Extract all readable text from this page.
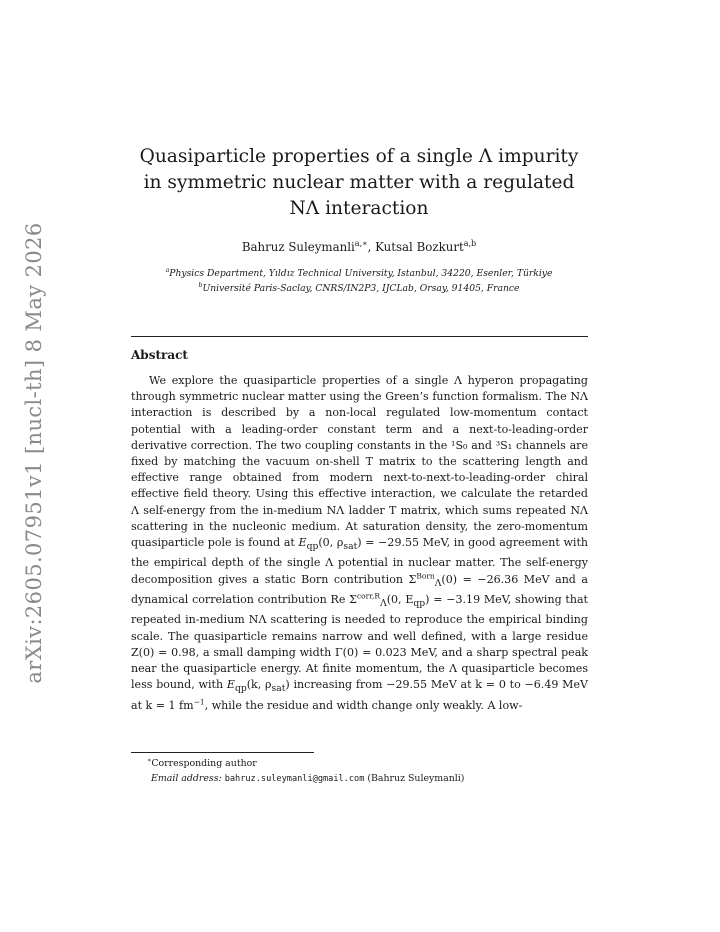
arXiv:2605.07951v1 [nucl-th] 8 May 2026
Quasiparticle properties of a single Λ impurity in symmetric nuclear matter with a regulated NΛ interaction
Bahruz Suleymanli$^{a,∗}$, Kutsal Bozkurt$^{a,b}$
$^a$Physics Department, Yıldız Technical University, Istanbul, 34220, Esenler, Türkiye
$^b$Université Paris-Saclay, CNRS/IN2P3, IJCLab, Orsay, 91405, France
Abstract

We explore the quasiparticle properties of a single Λ hyperon propagating through symmetric nuclear matter using the Green’s function formalism. The NΛ interaction is described by a non-local regulated low-momentum contact potential with a leading-order constant term and a next-to-leading-order derivative correction. The two coupling constants in the ¹S₀ and ³S₁ channels are fixed by matching the vacuum on-shell T matrix to the scattering length and effective range obtained from modern next-to-next-to-leading-order chiral effective field theory. Using this effective interaction, we calculate the retarded Λ self-energy from the in-medium NΛ ladder T matrix, which sums repeated NΛ scattering in the nucleonic medium. At saturation density, the zero-momentum quasiparticle pole is found at $E_{qp}(0$, $\rho_{sat}) = -29.55$ MeV, in good agreement with the empirical depth of the single Λ potential in nuclear matter. The self-energy decomposition gives a static Born contribution $\Sigma^{Born}_\Lambda(0) = -26.36$ MeV and a dynamical correlation contribution Re $\Sigma^{corr,R}_\Lambda(0$, $E_{qp}) = -3.19$ MeV, showing that repeated in-medium NΛ scattering is needed to reproduce the empirical binding scale. The quasiparticle remains narrow and well defined, with a large residue Z(0) = 0.98, a small damping width Γ(0) = 0.023 MeV, and a sharp spectral peak near the quasiparticle energy. At finite momentum, the Λ quasiparticle becomes less bound, with $E_{qp}(k$, $\rho_{sat}$) increasing from −29.55 MeV at k = 0 to −6.49 MeV at k = 1 $fm^{-1}$, while the residue and width change only weakly. A low-

∗Corresponding author
Email address: bahruz.suleymanli@gmail.com (Bahruz Suleymanli)
